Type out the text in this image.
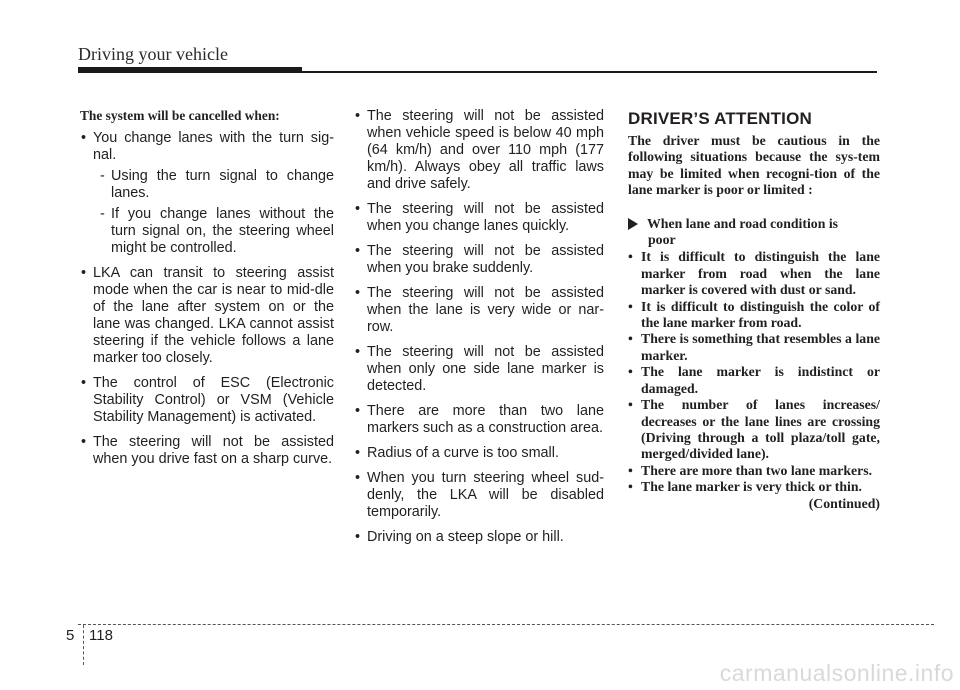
Driving your vehicle

The system will be cancelled when:

• You change lanes with the turn sig-nal.
- Using the turn signal to change lanes.
- If you change lanes without the turn signal on, the steering wheel might be controlled.
• LKA can transit to steering assist mode when the car is near to mid-dle of the lane after system on or the lane was changed. LKA cannot assist steering if the vehicle follows a lane marker too closely.
• The control of ESC (Electronic Stability Control) or VSM (Vehicle Stability Management) is activated.
• The steering will not be assisted when you drive fast on a sharp curve.
• The steering will not be assisted when vehicle speed is below 40 mph (64 km/h) and over 110 mph (177 km/h). Always obey all traffic laws and drive safely.
• The steering will not be assisted when you change lanes quickly.
• The steering will not be assisted when you brake suddenly.
• The steering will not be assisted when the lane is very wide or nar-row.
• The steering will not be assisted when only one side lane marker is detected.
• There are more than two lane markers such as a construction area.
• Radius of a curve is too small.
• When you turn steering wheel sud-denly, the LKA will be disabled temporarily.
• Driving on a steep slope or hill.
DRIVER’S ATTENTION

The driver must be cautious in the following situations because the sys-tem may be limited when recogni-tion of the lane marker is poor or limited :

When lane and road condition is
poor
• It is difficult to distinguish the lane marker from road when the lane marker is covered with dust or sand.
• It is difficult to distinguish the color of the lane marker from road.
• There is something that resembles a lane marker.
• The lane marker is indistinct or damaged.
• The number of lanes increases/ decreases or the lane lines are crossing (Driving through a toll plaza/toll gate, merged/divided lane).
• There are more than two lane markers.
• The lane marker is very thick or thin.
(Continued)
5 118
carmanualsonline.info
